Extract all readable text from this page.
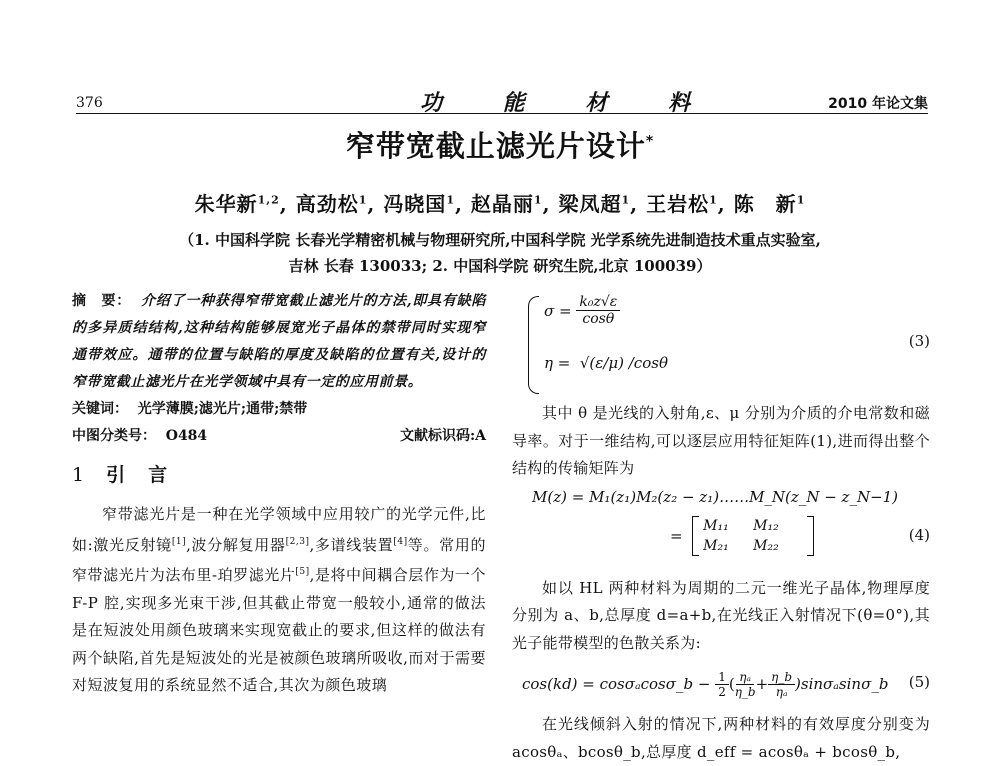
376	功	能	材	料	2010 年论文集
窄带宽截止滤光片设计*
朱华新$^{1,2}$, 高劲松$^1$, 冯晓国$^1$, 赵晶丽$^1$, 梁凤超$^1$, 王岩松$^1$, 陈　新$^1$
（1. 中国科学院 长春光学精密机械与物理研究所,中国科学院 光学系统先进制造技术重点实验室,
吉林 长春 130033; 2. 中国科学院 研究生院,北京 100039）

摘　要： 介绍了一种获得窄带宽截止滤光片的方法,即具有缺陷的多异质结结构,这种结构能够展宽光子晶体的禁带同时实现窄通带效应。通带的位置与缺陷的厚度及缺陷的位置有关,设计的窄带宽截止滤光片在光学领域中具有一定的应用前景。

关键词： 光学薄膜;滤光片;通带;禁带

中图分类号： O484	文献标识码:A
1 引　言

窄带滤光片是一种在光学领域中应用较广的光学元件,比如:激光反射镜[1],波分解复用器[2,3],多谱线装置[4]等。常用的窄带滤光片为法布里-珀罗滤光片[5],是将中间耦合层作为一个 F-P 腔,实现多光束干涉,但其截止带宽一般较小,通常的做法是在短波处用颜色玻璃来实现宽截止的要求,但这样的做法有两个缺陷,首先是短波处的光是被颜色玻璃所吸收,而对于需要对短波复用的系统显然不适合,其次为颜色玻璃

σ =
$\frac{\text{k₀z√ε}}{\cos\theta}$
η = √(ε/μ) /cosθ
(3)

其中 θ 是光线的入射角,ε、μ 分别为介质的介电常数和磁导率。对于一维结构,可以逐层应用特征矩阵(1),进而得出整个结构的传输矩阵为

M(z) = M₁(z₁)M₂(z₂ − z₁)……M_N(z_N − z_N−1)
=

M₁₁	M₁₂
M₂₁	M₂₂
(4)

如以 HL 两种材料为周期的二元一维光子晶体,物理厚度分别为 a、b,总厚度 d=a+b,在光线正入射情况下(θ=0°),其光子能带模型的色散关系为:

cos(kd) = cosσₐcosσ_b −
$\frac{1}{2}$ ( $\frac{\text{ηₐ}}{\eta\_b} + \frac{\eta\_b}{\text{ηₐ}}$ )sinσₐsinσ_b (5)

在光线倾斜入射的情况下,两种材料的有效厚度分别变为 acosθₐ、bcosθ_b,总厚度 d_eff = acosθₐ + bcosθ_b,
